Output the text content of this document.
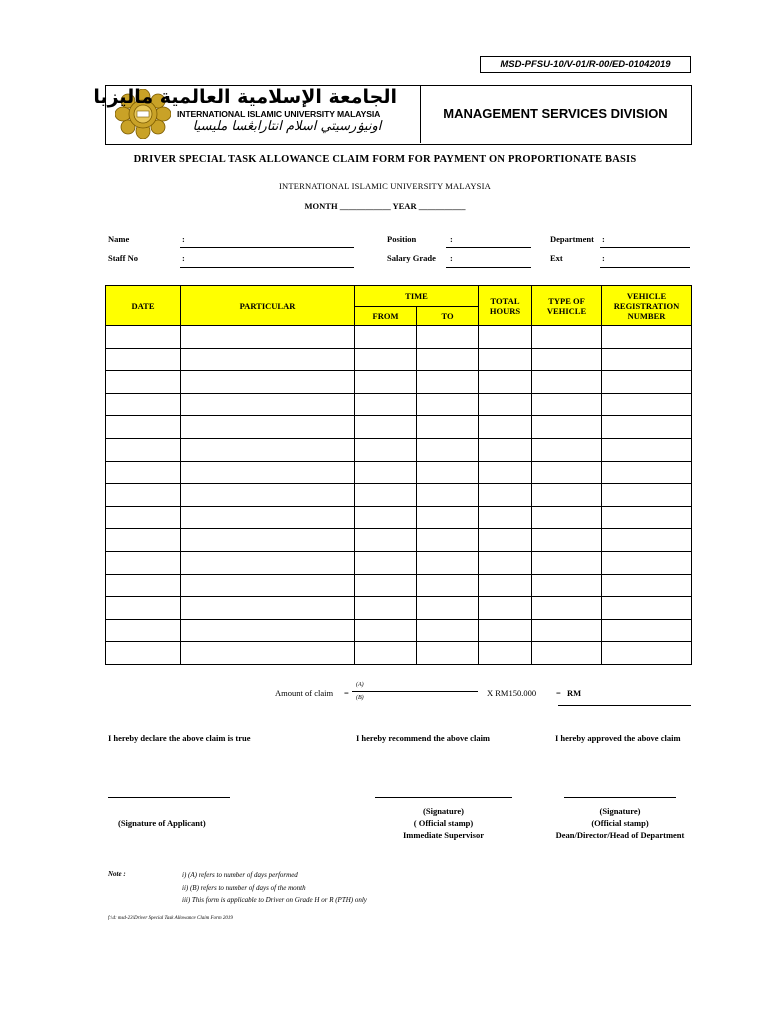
MSD-PFSU-10/V-01/R-00/ED-01042019
الجامعة الإسلامية العالمية ماليزيا
INTERNATIONAL ISLAMIC UNIVERSITY MALAYSIA
اونيۏرسيتي اسلام انتارابڠسا مليسيا
MANAGEMENT SERVICES DIVISION
DRIVER SPECIAL TASK ALLOWANCE CLAIM FORM FOR PAYMENT ON PROPORTIONATE BASIS
INTERNATIONAL ISLAMIC UNIVERSITY MALAYSIA
MONTH ____________ YEAR ___________
Name	:
Staff No	:
Position	:
Salary Grade :
Department :
Ext	:
DATE	PARTICULAR	TIME		TOTAL HOURS	TYPE OF VEHICLE	VEHICLE REGISTRATION NUMBER
		FROM	TO			

Amount of claim =
(A)
(B)	X RM150.000 = RM
I hereby declare the above claim is true	I hereby recommend the above claim	I hereby approved the above claim
(Signature of Applicant)
(Signature)
( Official stamp)
Immediate Supervisor
(Signature)
(Official stamp)
Dean/Director/Head of Department
Note :	i) (A) refers to number of days performed
ii) (B) refers to number of days of the month
iii) This form is applicable to Driver on Grade H or R (PTH) only
f:\d: msd-23\Driver Special Task Allowance Claim Form 2019
